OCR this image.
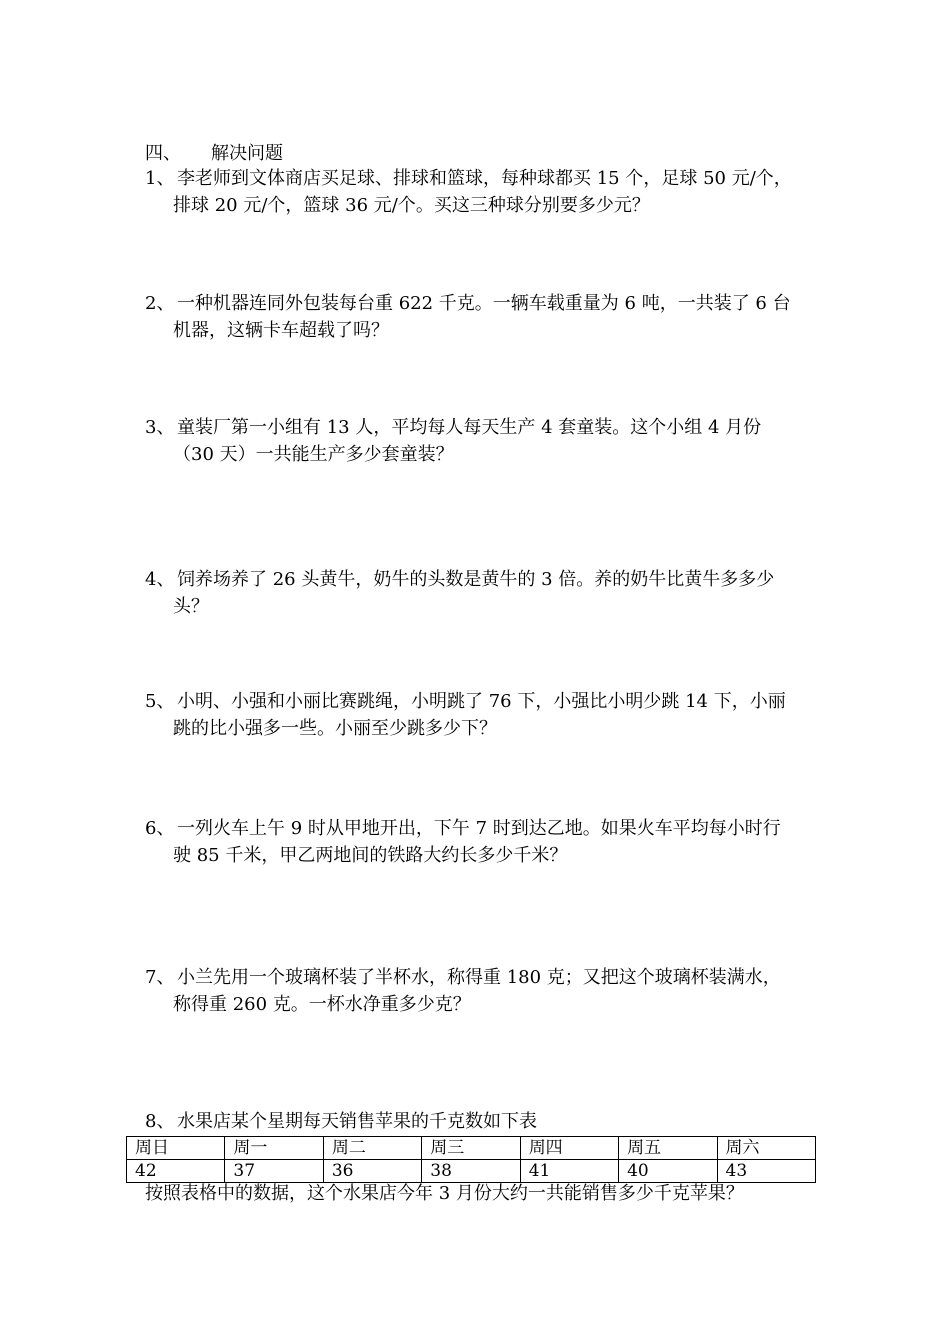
四、 解决问题
1、 李老师到文体商店买足球、排球和篮球，每种球都买 15 个，足球 50 元/个，
排球 20 元/个，篮球 36 元/个。买这三种球分别要多少元？
2、 一种机器连同外包装每台重 622 千克。一辆车载重量为 6 吨，一共装了 6 台
机器，这辆卡车超载了吗？
3、 童装厂第一小组有 13 人，平均每人每天生产 4 套童装。这个小组 4 月份
（30 天）一共能生产多少套童装？
4、 饲养场养了 26 头黄牛，奶牛的头数是黄牛的 3 倍。养的奶牛比黄牛多多少
头？
5、 小明、小强和小丽比赛跳绳，小明跳了 76 下，小强比小明少跳 14 下，小丽
跳的比小强多一些。小丽至少跳多少下？
6、 一列火车上午 9 时从甲地开出，下午 7 时到达乙地。如果火车平均每小时行
驶 85 千米，甲乙两地间的铁路大约长多少千米？
7、 小兰先用一个玻璃杯装了半杯水，称得重 180 克；又把这个玻璃杯装满水，
称得重 260 克。一杯水净重多少克？
8、 水果店某个星期每天销售苹果的千克数如下表
周日	周一	周二	周三	周四	周五	周六
42	37	36	38	41	40	43
按照表格中的数据，这个水果店今年 3 月份大约一共能销售多少千克苹果？
